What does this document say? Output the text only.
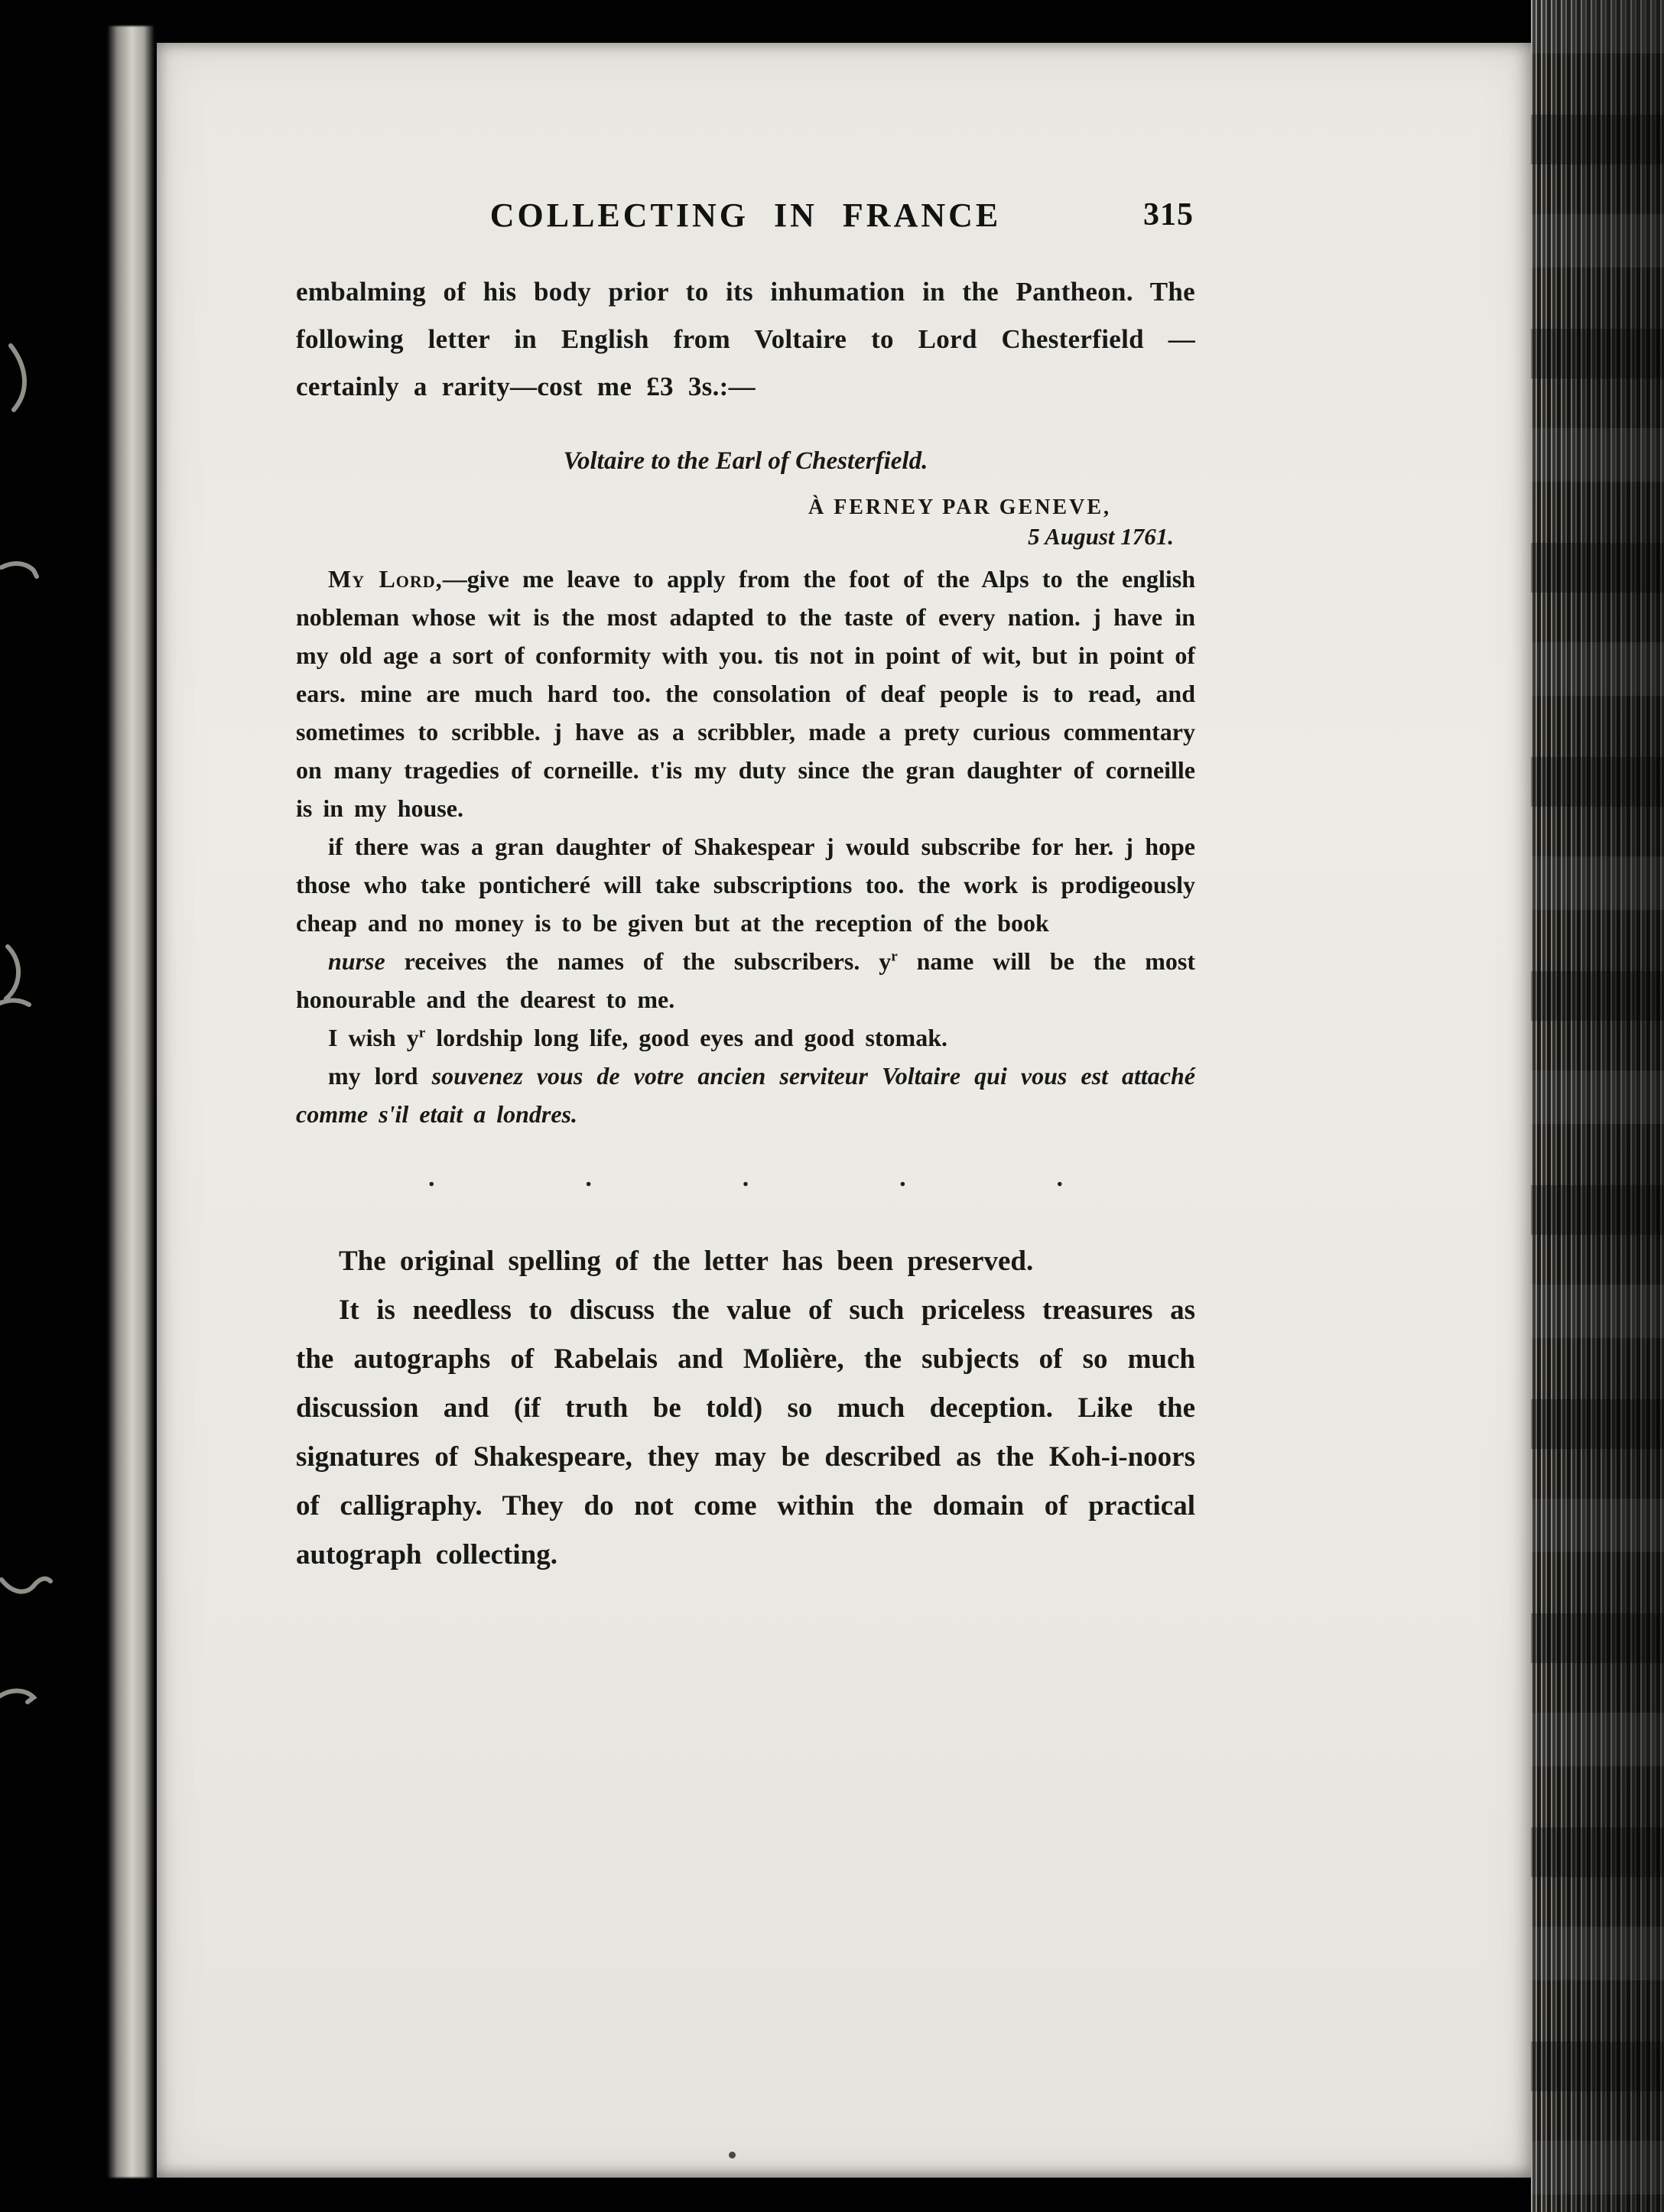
COLLECTING IN FRANCE	315

embalming of his body prior to its inhumation in the Pantheon. The following letter in English from Voltaire to Lord Chesterfield — certainly a rarity—cost me £3 3s.:—

Voltaire to the Earl of Chesterfield.

À FERNEY PAR GENEVE,

5 August 1761.

My Lord,—give me leave to apply from the foot of the Alps to the english nobleman whose wit is the most adapted to the taste of every nation. j have in my old age a sort of conformity with you. tis not in point of wit, but in point of ears. mine are much hard too. the consolation of deaf people is to read, and sometimes to scribble. j have as a scribbler, made a prety curious commentary on many tragedies of corneille. t'is my duty since the gran daughter of corneille is in my house.

if there was a gran daughter of Shakespear j would subscribe for her. j hope those who take ponticheré will take subscriptions too. the work is prodigeously cheap and no money is to be given but at the reception of the book

nurse receives the names of the subscribers. $y^r$ name will be the most honourable and the dearest to me.

I wish $y^r$ lordship long life, good eyes and good stomak.

my lord souvenez vous de votre ancien serviteur Voltaire qui vous est attaché comme s'il etait a londres.

.	.	.	.	.

The original spelling of the letter has been preserved.

It is needless to discuss the value of such priceless treasures as the autographs of Rabelais and Molière, the subjects of so much discussion and (if truth be told) so much deception. Like the signatures of Shakespeare, they may be described as the Koh-i-noors of calligraphy. They do not come within the domain of practical autograph collecting.
